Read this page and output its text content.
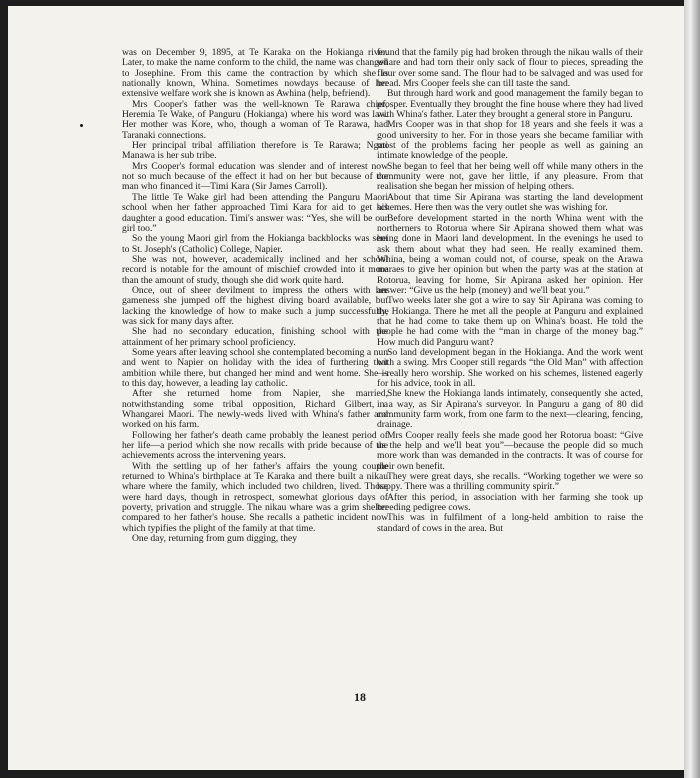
was on December 9, 1895, at Te Karaka on the Hokianga river. Later, to make the name conform to the child, the name was changed to Josephine. From this came the contraction by which she is nationally known, Whina. Sometimes nowdays because of her extensive welfare work she is known as Awhina (help, befriend).

Mrs Cooper's father was the well-known Te Rarawa chief, Heremia Te Wake, of Panguru (Hokianga) where his word was law. Her mother was Kore, who, though a woman of Te Rarawa, had Taranaki connections.

Her principal tribal affiliation therefore is Te Rarawa; Ngati Manawa is her sub tribe.

Mrs Cooper's formal education was slender and of interest now not so much because of the effect it had on her but because of the man who financed it—Timi Kara (Sir James Carroll).

The little Te Wake girl had been attending the Panguru Maori school when her father approached Timi Kara for aid to get his daughter a good education. Timi's answer was: “Yes, she will be our girl too.”

So the young Maori girl from the Hokianga backblocks was sent to St. Joseph's (Catholic) College, Napier.

She was not, however, academically inclined and her school record is notable for the amount of mischief crowded into it more than the amount of study, though she did work quite hard.

Once, out of sheer devilment to impress the others with her gameness she jumped off the highest diving board available, but lacking the knowledge of how to make such a jump successfully, was sick for many days after.

She had no secondary education, finishing school with the attainment of her primary school proficiency.

Some years after leaving school she contemplated becoming a nun and went to Napier on holiday with the idea of furthering that ambition while there, but changed her mind and went home. She is to this day, however, a leading lay catholic.

After she returned home from Napier, she married, notwithstanding some tribal opposition, Richard Gilbert, a Whangarei Maori. The newly-weds lived with Whina's father and worked on his farm.

Following her father's death came probably the leanest period of her life—a period which she now recalls with pride because of the achievements across the intervening years.

With the settling up of her father's affairs the young couple returned to Whina's birthplace at Te Karaka and there built a nikau whare where the family, which included two children, lived. Those were hard days, though in retrospect, somewhat glorious days of poverty, privation and struggle. The nikau whare was a grim shelter compared to her father's house. She recalls a pathetic incident now which typifies the plight of the family at that time.

One day, returning from gum digging, they

found that the family pig had broken through the nikau walls of their whare and had torn their only sack of flour to pieces, spreading the flour over some sand. The flour had to be salvaged and was used for bread. Mrs Cooper feels she can till taste the sand.

But through hard work and good management the family began to prosper. Eventually they brought the fine house where they had lived with Whina's father. Later they brought a general store in Panguru.

Mrs Cooper was in that shop for 18 years and she feels it was a good university to her. For in those years she became familiar with most of the problems facing her people as well as gaining an intimate knowledge of the people.

She began to feel that her being well off while many others in the community were not, gave her little, if any pleasure. From that realisation she began her mission of helping others.

About that time Sir Apirana was starting the land development schemes. Here then was the very outlet she was wishing for.

Before development started in the north Whina went with the northerners to Rotorua where Sir Apirana showed them what was being done in Maori land development. In the evenings he used to ask them about what they had seen. He really examined them. Whina, being a woman could not, of course, speak on the Arawa maraes to give her opinion but when the party was at the station at Rotorua, leaving for home, Sir Apirana asked her opinion. Her answer: “Give us the help (money) and we'll beat you.”

Two weeks later she got a wire to say Sir Apirana was coming to the Hokianga. There he met all the people at Panguru and explained that he had come to take them up on Whina's boast. He told the people he had come with the “man in charge of the money bag.” How much did Panguru want?

So land development began in the Hokianga. And the work went with a swing. Mrs Cooper still regards “the Old Man” with affection—really hero worship. She worked on his schemes, listened eagerly for his advice, took in all.

She knew the Hokianga lands intimately, consequently she acted, in a way, as Sir Apirana's surveyor. In Panguru a gang of 80 did community farm work, from one farm to the next—clearing, fencing, drainage.

Mrs Cooper really feels she made good her Rotorua boast: “Give us the help and we'll beat you”—because the people did so much more work than was demanded in the contracts. It was of course for their own benefit.

They were great days, she recalls. “Working together we were so happy. There was a thrilling community spirit.”

After this period, in association with her farming she took up breeding pedigree cows.

This was in fulfilment of a long-held ambition to raise the standard of cows in the area. But

18
